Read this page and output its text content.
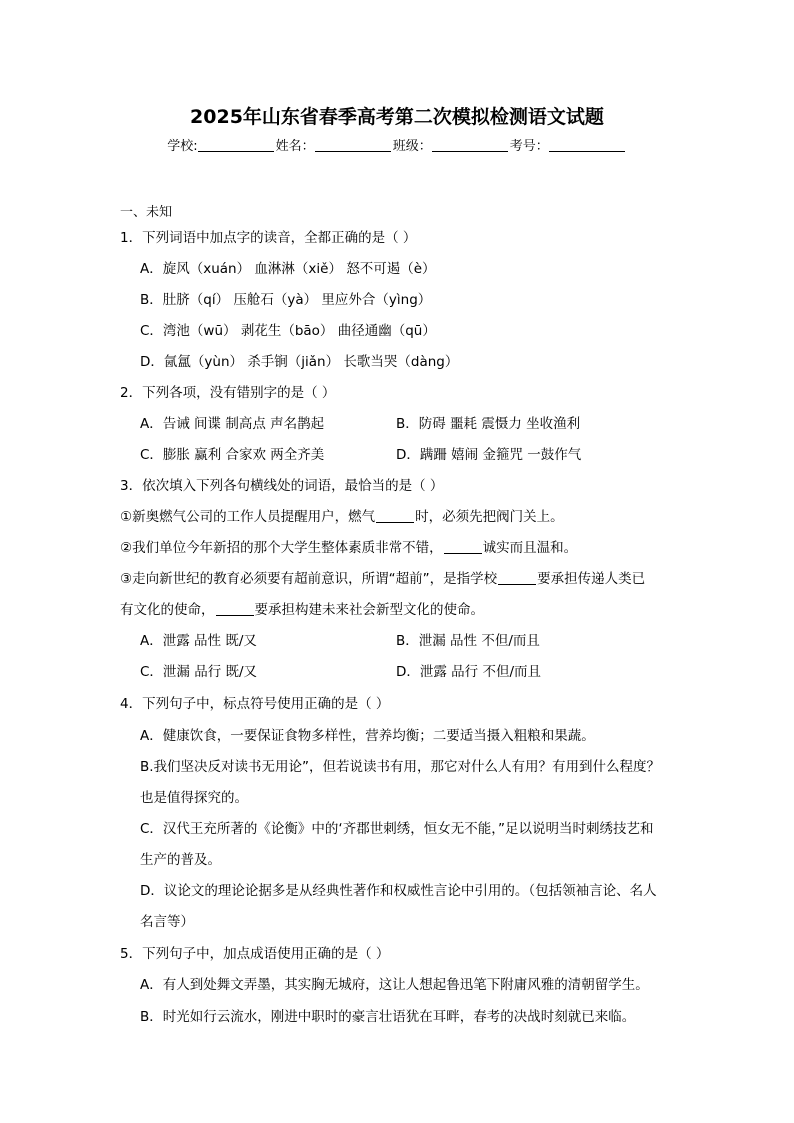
2025年山东省春季高考第二次模拟检测语文试题
学校:	姓名：	班级：	考号：
一、未知
1．下列词语中加点字的读音，全都正确的是（ ）
A．旋风（xuán） 血淋淋（xiě） 怒不可遏（è）
B．肚脐（qí） 压舱石（yà） 里应外合（yìng）
C．湾池（wū） 剥花生（bāo） 曲径通幽（qū）
D．氤氲（yùn） 杀手锏（jiǎn） 长歌当哭（dàng）
2．下列各项，没有错别字的是（ ）
A．告诫 间谍 制高点 声名鹊起	B．防碍 噩耗 震慑力 坐收渔利
C．膨胀 赢利 合家欢 两全齐美	D．蹒跚 嬉闹 金箍咒 一鼓作气
3．依次填入下列各句横线处的词语，最恰当的是（ ）
①新奥燃气公司的工作人员提醒用户，燃气	时，必须先把阀门关上。
②我们单位今年新招的那个大学生整体素质非常不错，	诚实而且温和。
③走向新世纪的教育必须要有超前意识，所谓“超前”，是指学校	要承担传递人类已
有文化的使命，	要承担构建未来社会新型文化的使命。
A．泄露 品性 既/又	B．泄漏 品性 不但/而且
C．泄漏 品行 既/又	D．泄露 品行 不但/而且
4．下列句子中，标点符号使用正确的是（ ）
A．健康饮食，一要保证食物多样性，营养均衡；二要适当摄入粗粮和果蔬。
B.我们坚决反对读书无用论”，但若说读书有用，那它对什么人有用？有用到什么程度？
也是值得探究的。
C．汉代王充所著的《论衡》中的‘齐郡世刺绣，恒女无不能，”足以说明当时刺绣技艺和
生产的普及。
D．议论文的理论论据多是从经典性著作和权威性言论中引用的。（包括领袖言论、名人
名言等）
5．下列句子中，加点成语使用正确的是（ ）
A．有人到处舞文弄墨，其实胸无城府，这让人想起鲁迅笔下附庸风雅的清朝留学生。
B．时光如行云流水，刚进中职时的豪言壮语犹在耳畔，春考的决战时刻就已来临。
